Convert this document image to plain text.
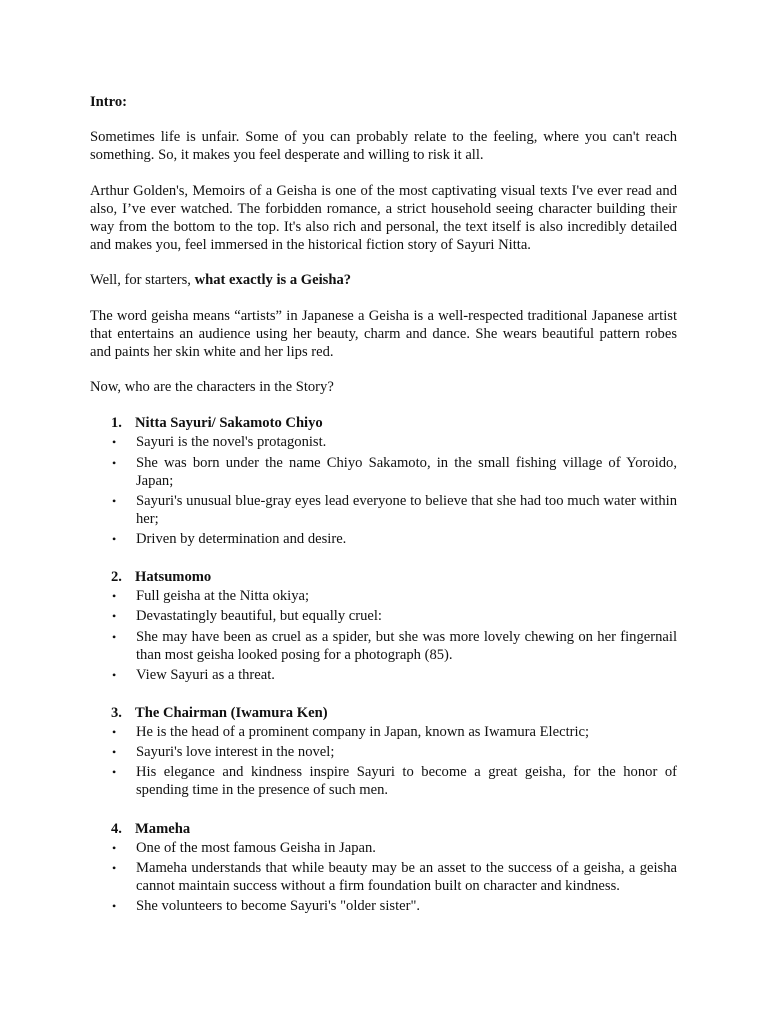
Intro:

Sometimes life is unfair. Some of you can probably relate to the feeling, where you can't reach something. So, it makes you feel desperate and willing to risk it all.

Arthur Golden's, Memoirs of a Geisha is one of the most captivating visual texts I've ever read and also, I’ve ever watched. The forbidden romance, a strict household seeing character building their way from the bottom to the top. It's also rich and personal, the text itself is also incredibly detailed and makes you, feel immersed in the historical fiction story of Sayuri Nitta.

Well, for starters, what exactly is a Geisha?

The word geisha means “artists” in Japanese a Geisha is a well-respected traditional Japanese artist that entertains an audience using her beauty, charm and dance. She wears beautiful pattern robes and paints her skin white and her lips red.

Now, who are the characters in the Story?

1. Nitta Sayuri/ Sakamoto Chiyo
• Sayuri is the novel's protagonist.
• She was born under the name Chiyo Sakamoto, in the small fishing village of Yoroido, Japan;
• Sayuri's unusual blue-gray eyes lead everyone to believe that she had too much water within her;
• Driven by determination and desire.
2. Hatsumomo
• Full geisha at the Nitta okiya;
• Devastatingly beautiful, but equally cruel:
• She may have been as cruel as a spider, but she was more lovely chewing on her fingernail than most geisha looked posing for a photograph (85).
• View Sayuri as a threat.
3. The Chairman (Iwamura Ken)
• He is the head of a prominent company in Japan, known as Iwamura Electric;
• Sayuri's love interest in the novel;
• His elegance and kindness inspire Sayuri to become a great geisha, for the honor of spending time in the presence of such men.
4. Mameha
• One of the most famous Geisha in Japan.
• Mameha understands that while beauty may be an asset to the success of a geisha, a geisha cannot maintain success without a firm foundation built on character and kindness.
• She volunteers to become Sayuri's "older sister".
